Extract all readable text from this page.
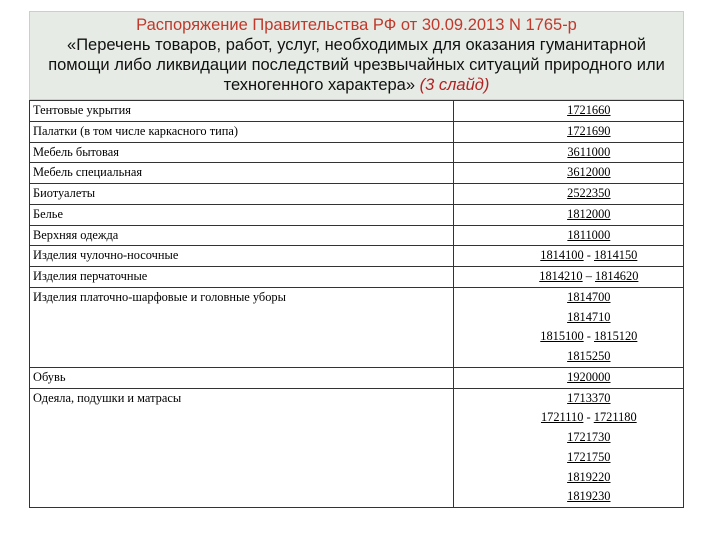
Распоряжение Правительства РФ от 30.09.2013 N 1765-р
«Перечень товаров, работ, услуг, необходимых для оказания гуманитарной помощи либо ликвидации последствий чрезвычайных ситуаций природного или техногенного характера» (3 слайд)
Тентовые укрытия	1721660
Палатки (в том числе каркасного типа)	1721690
Мебель бытовая	3611000
Мебель специальная	3612000
Биотуалеты	2522350
Белье	1812000
Верхняя одежда	1811000
Изделия чулочно-носочные	1814100 - 1814150
Изделия перчаточные	1814210 – 1814620
Изделия платочно-шарфовые и головные уборы	1814700
	1814710
	1815100 - 1815120
	1815250
Обувь	1920000
Одеяла, подушки и матрасы	1713370
	1721110 - 1721180
	1721730
	1721750
	1819220
	1819230
